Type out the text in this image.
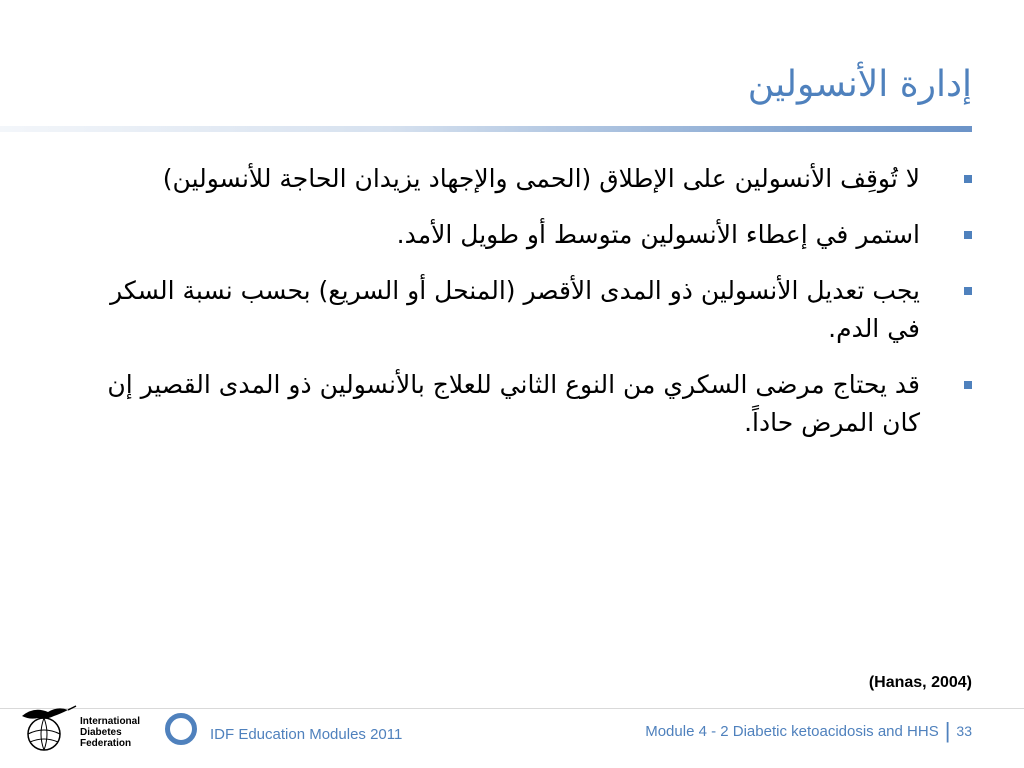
إدارة الأنسولين
لا تُوقِف الأنسولين على الإطلاق (الحمى والإجهاد يزيدان الحاجة للأنسولين)
استمر في إعطاء الأنسولين متوسط أو طويل الأمد.
يجب تعديل الأنسولين ذو المدى الأقصر (المنحل أو السريع) بحسب نسبة السكر في الدم.
قد يحتاج مرضى السكري من النوع الثاني للعلاج بالأنسولين ذو المدى القصير إن كان المرض حاداً.
(Hanas, 2004)
International
Diabetes
Federation
IDF Education Modules 2011	Module 4 - 2 Diabetic ketoacidosis and HHS | 33
